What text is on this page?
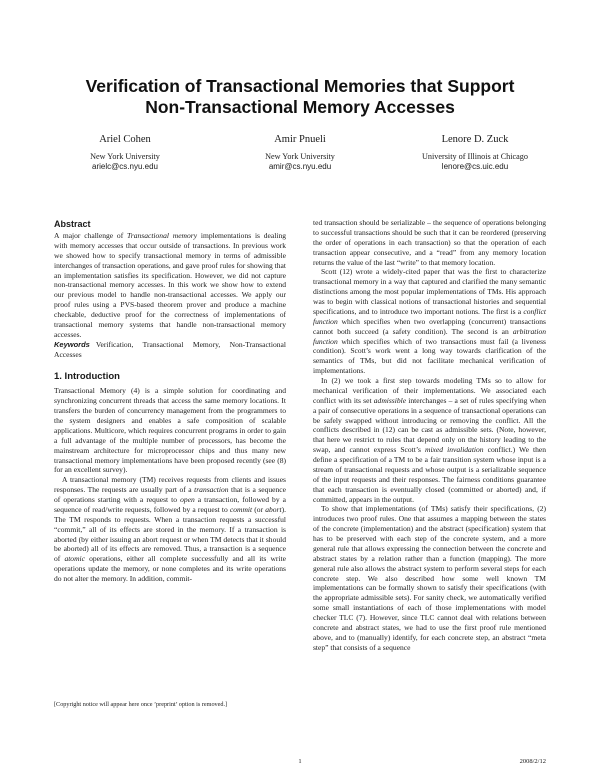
Verification of Transactional Memories that Support
Non-Transactional Memory Accesses
Ariel Cohen
New York University
arielc@cs.nyu.edu
Amir Pnueli
New York University
amir@cs.nyu.edu
Lenore D. Zuck
University of Illinois at Chicago
lenore@cs.uic.edu
Abstract

A major challenge of Transactional memory implementations is dealing with memory accesses that occur outside of transactions. In previous work we showed how to specify transactional memory in terms of admissible interchanges of transaction operations, and gave proof rules for showing that an implementation satisfies its specification. However, we did not capture non-transactional memory accesses. In this work we show how to extend our previous model to handle non-transactional accesses. We apply our proof rules using a PVS-based theorem prover and produce a machine checkable, deductive proof for the correctness of implementations of transactional memory systems that handle non-transactional memory accesses.

Keywords Verification, Transactional Memory, Non-Transactional Accesses

1. Introduction

Transactional Memory (4) is a simple solution for coordinating and synchronizing concurrent threads that access the same memory locations. It transfers the burden of concurrency management from the programmers to the system designers and enables a safe composition of scalable applications. Multicore, which requires concurrent programs in order to gain a full advantage of the multiple number of processors, has become the mainstream architecture for microprocessor chips and thus many new transactional memory implementations have been proposed recently (see (8) for an excellent survey).

A transactional memory (TM) receives requests from clients and issues responses. The requests are usually part of a transaction that is a sequence of operations starting with a request to open a transaction, followed by a sequence of read/write requests, followed by a request to commit (or abort). The TM responds to requests. When a transaction requests a successful “commit,” all of its effects are stored in the memory. If a transaction is aborted (by either issuing an abort request or when TM detects that it should be aborted) all of its effects are removed. Thus, a transaction is a sequence of atomic operations, either all complete successfully and all its write operations update the memory, or none completes and its write operations do not alter the memory. In addition, commit-

ted transaction should be serializable – the sequence of operations belonging to successful transactions should be such that it can be reordered (preserving the order of operations in each transaction) so that the operation of each transaction appear consecutive, and a “read” from any memory location returns the value of the last “write” to that memory location.

Scott (12) wrote a widely-cited paper that was the first to characterize transactional memory in a way that captured and clarified the many semantic distinctions among the most popular implementations of TMs. His approach was to begin with classical notions of transactional histories and sequential specifications, and to introduce two important notions. The first is a conflict function which specifies when two overlapping (concurrent) transactions cannot both succeed (a safety condition). The second is an arbitration function which specifies which of two transactions must fail (a liveness condition). Scott’s work went a long way towards clarification of the semantics of TMs, but did not facilitate mechanical verification of implementations.

In (2) we took a first step towards modeling TMs so to allow for mechanical verification of their implementations. We associated each conflict with its set admissible interchanges – a set of rules specifying when a pair of consecutive operations in a sequence of transactional operations can be safely swapped without introducing or removing the conflict. All the conflicts described in (12) can be cast as admissible sets. (Note, however, that here we restrict to rules that depend only on the history leading to the swap, and cannot express Scott’s mixed invalidation conflict.) We then define a specification of a TM to be a fair transition system whose input is a stream of transactional requests and whose output is a serializable sequence of the input requests and their responses. The fairness conditions guarantee that each transaction is eventually closed (committed or aborted) and, if committed, appears in the output.

To show that implementations (of TMs) satisfy their specifications, (2) introduces two proof rules. One that assumes a mapping between the states of the concrete (implementation) and the abstract (specification) system that has to be preserved with each step of the concrete system, and a more general rule that allows expressing the connection between the concrete and abstract states by a relation rather than a function (mapping). The more general rule also allows the abstract system to perform several steps for each concrete step. We also described how some well known TM implementations can be formally shown to satisfy their specifications (with the appropriate admissible sets). For sanity check, we automatically verified some small instantiations of each of those implementations with model checker TLC (7). However, since TLC cannot deal with relations between concrete and abstract states, we had to use the first proof rule mentioned above, and to (manually) identify, for each concrete step, an abstract “meta step” that consists of a sequence

[Copyright notice will appear here once ’preprint’ option is removed.]
1	2008/2/12
